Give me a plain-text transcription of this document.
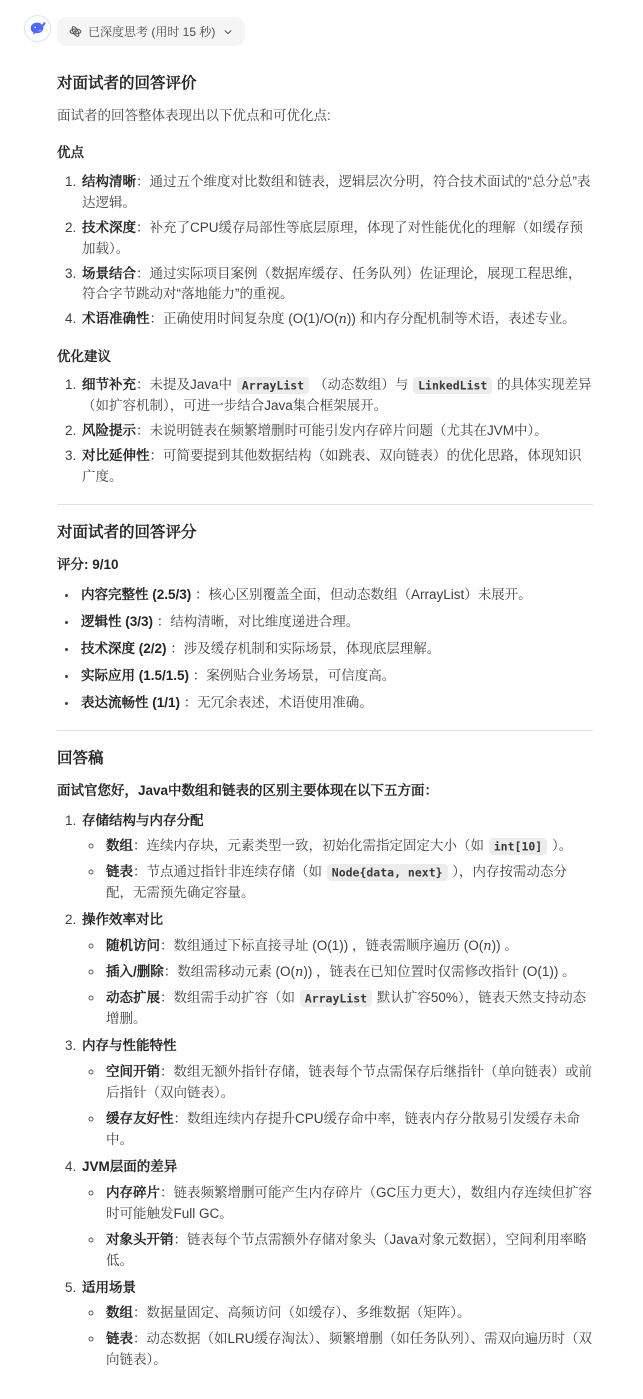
已深度思考 (用时 15 秒)
对面试者的回答评价

面试者的回答整体表现出以下优点和可优化点:

优点
1. 结构清晰：通过五个维度对比数组和链表，逻辑层次分明，符合技术面试的“总分总”表达逻辑。
2. 技术深度：补充了CPU缓存局部性等底层原理，体现了对性能优化的理解（如缓存预加载）。
3. 场景结合：通过实际项目案例（数据库缓存、任务队列）佐证理论，展现工程思维，符合字节跳动对“落地能力”的重视。
4. 术语准确性：正确使用时间复杂度 (O(1)/O(n)) 和内存分配机制等术语，表述专业。
优化建议
1. 细节补充：未提及Java中 ArrayList （动态数组）与 LinkedList 的具体实现差异（如扩容机制），可进一步结合Java集合框架展开。
2. 风险提示：未说明链表在频繁增删时可能引发内存碎片问题（尤其在JVM中）。
3. 对比延伸性：可简要提到其他数据结构（如跳表、双向链表）的优化思路，体现知识广度。
对面试者的回答评分

评分: 9/10

• 内容完整性 (2.5/3) ：核心区别覆盖全面，但动态数组（ArrayList）未展开。
• 逻辑性 (3/3) ：结构清晰，对比维度递进合理。
• 技术深度 (2/2) ：涉及缓存机制和实际场景，体现底层理解。
• 实际应用 (1.5/1.5) ：案例贴合业务场景，可信度高。
• 表达流畅性 (1/1) ：无冗余表述，术语使用准确。
回答稿

面试官您好，Java中数组和链表的区别主要体现在以下五方面：

1. 存储结构与内存分配
◦ 数组：连续内存块，元素类型一致，初始化需指定固定大小（如 int[10] ）。
◦ 链表：节点通过指针非连续存储（如 Node{data, next} ），内存按需动态分配，无需预先确定容量。
2. 操作效率对比
◦ 随机访问：数组通过下标直接寻址 (O(1)) ，链表需顺序遍历 (O(n)) 。
◦ 插入/删除：数组需移动元素 (O(n)) ，链表在已知位置时仅需修改指针 (O(1)) 。
◦ 动态扩展：数组需手动扩容（如 ArrayList 默认扩容50%），链表天然支持动态增删。
3. 内存与性能特性
◦ 空间开销：数组无额外指针存储，链表每个节点需保存后继指针（单向链表）或前后指针（双向链表）。
◦ 缓存友好性：数组连续内存提升CPU缓存命中率，链表内存分散易引发缓存未命中。
4. JVM层面的差异
◦ 内存碎片：链表频繁增删可能产生内存碎片（GC压力更大），数组内存连续但扩容时可能触发Full GC。
◦ 对象头开销：链表每个节点需额外存储对象头（Java对象元数据），空间利用率略低。
5. 适用场景
◦ 数组：数据量固定、高频访问（如缓存）、多维数据（矩阵）。
◦ 链表：动态数据（如LRU缓存淘汰）、频繁增删（如任务队列）、需双向遍历时（双向链表）。
